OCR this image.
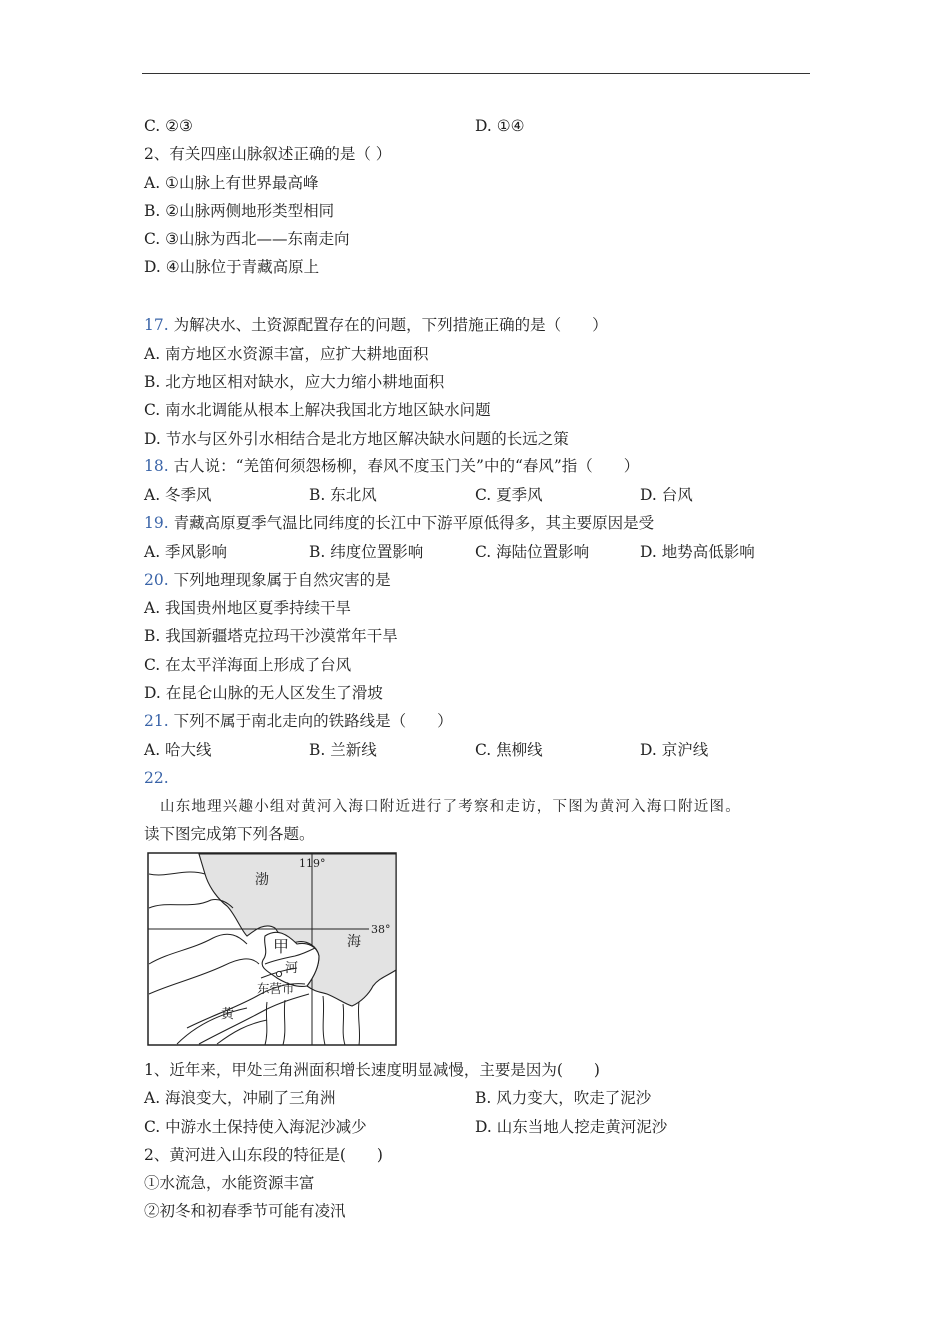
C. ②③	D. ①④
2、有关四座山脉叙述正确的是（ ）
A. ①山脉上有世界最高峰
B. ②山脉两侧地形类型相同
C. ③山脉为西北——东南走向
D. ④山脉位于青藏高原上
17. 为解决水、土资源配置存在的问题，下列措施正确的是（　　）
A. 南方地区水资源丰富，应扩大耕地面积
B. 北方地区相对缺水，应大力缩小耕地面积
C. 南水北调能从根本上解决我国北方地区缺水问题
D. 节水与区外引水相结合是北方地区解决缺水问题的长远之策
18. 古人说：“羌笛何须怨杨柳，春风不度玉门关”中的“春风”指（　　）
A. 冬季风	B. 东北风	C. 夏季风	D. 台风
19. 青藏高原夏季气温比同纬度的长江中下游平原低得多，其主要原因是受
A. 季风影响	B. 纬度位置影响	C. 海陆位置影响	D. 地势高低影响
20. 下列地理现象属于自然灾害的是
A. 我国贵州地区夏季持续干旱
B. 我国新疆塔克拉玛干沙漠常年干旱
C. 在太平洋海面上形成了台风
D. 在昆仑山脉的无人区发生了滑坡
21. 下列不属于南北走向的铁路线是（　　）
A. 哈大线	B. 兰新线	C. 焦柳线	D. 京沪线
22.
山东地理兴趣小组对黄河入海口附近进行了考察和走访，下图为黄河入海口附近图。
读下图完成第下列各题。
119°
38°
渤
海
甲
河
东营市
黄
1、近年来，甲处三角洲面积增长速度明显减慢，主要是因为(　　)
A. 海浪变大，冲刷了三角洲	B. 风力变大，吹走了泥沙
C. 中游水土保持使入海泥沙减少	D. 山东当地人挖走黄河泥沙
2、黄河进入山东段的特征是(　　)
①水流急，水能资源丰富
②初冬和初春季节可能有凌汛
